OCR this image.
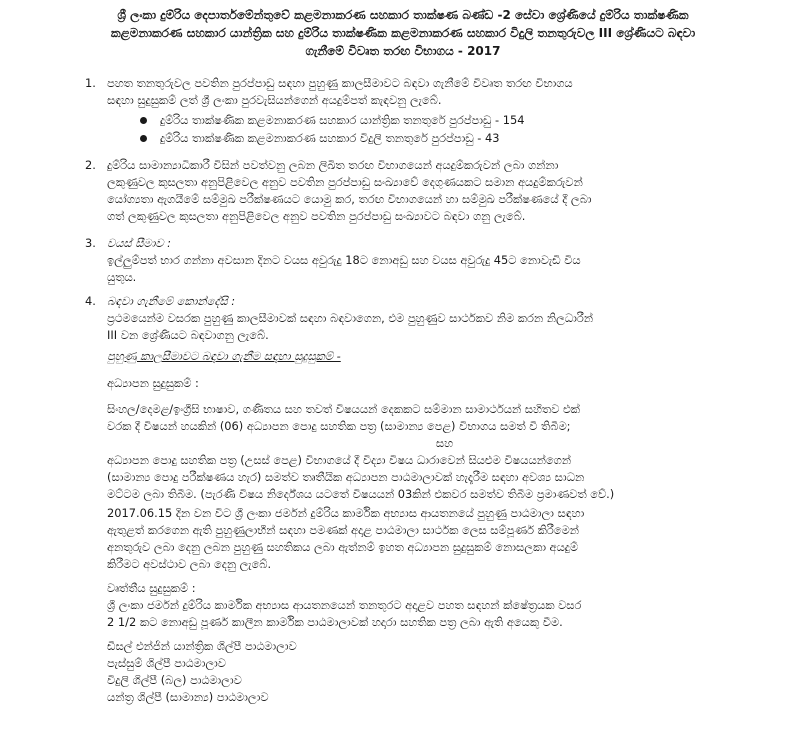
ශ්‍රී ලංකා දුම්රිය දෙපාර්තමේන්තුවේ කළමනාකරණ සහකාර තාක්ෂණ බණ්ඩ -2 සේවා ශ්‍රේණියේ දුම්රිය තාක්ෂණික
කළමනාකරණ සහකාර යාන්ත්‍රික සහ දුම්රිය තාක්ෂණික කළමනාකරණ සහකාර විදුලි තනතුරුවල III ශ්‍රේණියට බඳවා
ගැනීමේ විවෘත තරඟ විභාගය - 2017
1. පහත තනතුරුවල පවතින පුරප්පාඩු සඳහා පුහුණු කාලසීමාවට බඳවා ගැනීමේ විවෘත තරඟ විභාගය
සඳහා සුදුසුකම් ලත් ශ්‍රී ලංකා පුරවැසියන්ගෙන් අයදුම්පත් කැඳවනු ලැබේ.
දුම්රිය තාක්ෂණික කළමනාකරණ සහකාර යාන්ත්‍රික තනතුරේ පුරප්පාඩු - 154
දුම්රිය තාක්ෂණික කළමනාකරණ සහකාර විදුලි තනතුරේ පුරප්පාඩු - 43
2. දුම්රිය සාමාන්‍යාධිකාරී විසින් පවත්වනු ලබන ලිඛිත තරඟ විභාගයෙන් අයදුම්කරුවන් ලබා ගන්නා
ලකුණුවල කුසලතා අනුපිළිවෙල අනුව පවතින පුරප්පාඩු සංඛ්‍යාවේ දෙගුණයකට සමාන අයදුම්කරුවන්
යෝග්‍යතා ඇගයීමේ සම්මුඛ පරීක්ෂණයට යොමු කර, තරඟ විභාගයෙන් හා සම්මුඛ පරීක්ෂණයේ දී ලබා
ගත් ලකුණුවල කුසලතා අනුපිළිවෙල අනුව පවතින පුරප්පාඩු සංඛ්‍යාවට බඳවා ගනු ලැබේ.
3. වයස් සීමාව :
ඉල්ලුම්පත් භාර ගන්නා අවසාන දිනට වයස අවුරුදු 18ට නොඅඩු සහ වයස අවුරුදු 45ට නොවැඩි විය
යුතුය.
4. බඳවා ගැනීමේ කොන්දේසි :
ප්‍රථමයෙන්ම වසරක පුහුණු කාලසීමාවක් සඳහා බඳවාගෙන, එම පුහුණුව සාර්ථකව නිම කරන නිලධාරීන්
III වන ශ්‍රේණියට බඳවාගනු ලැබේ.
පුහුණු කාලසීමාවට බඳවා ගැනීම සඳහා සුදුසුකම් -
අධ්‍යාපන සුදුසුකම් :
සිංහල/දෙමළ/ඉංග්‍රීසි භාෂාව, ගණිතය සහ තවත් විෂයයන් දෙකකට සම්මාන සාමාර්ථයන් සහිතව එක්
වරක දී විෂයන් හයකින් (06) අධ්‍යාපන පොදු සහතික පත්‍ර (සාමාන්‍ය පෙළ) විභාගය සමත් වී තිබීම;
සහ
අධ්‍යාපන පොදු සහතික පත්‍ර (උසස් පෙළ) විභාගයේ දී විද්‍යා විෂය ධාරාවෙන් සියළුම විෂයයන්ගෙන්
(සාමාන්‍ය පොදු පරීක්ෂණය හැර) සමත්ව තෘතීයික අධ්‍යාපන පාඨමාලාවක් හැදෑරීම සඳහා අවශ්‍ය සාධන
මට්ටම ලබා තිබීම. (පැරණි විෂය නිර්දේශය යටතේ විෂයයන් 03කින් එකවර සමත්ව තිබීම ප්‍රමාණවත් වේ.)
2017.06.15 දින වන විට ශ්‍රී ලංකා ජර්මන් දුම්රිය කාර්මික අභ්‍යාස ආයතනයේ පුහුණු පාඨමාලා සඳහා
ඇතුළත් කරගෙන ඇති පුහුණුලාභීන් සඳහා පමණක් අදාළ පාඨමාලා සාර්ථක ලෙස සම්පූර්ණ කිරීමෙන්
අනතුරුව ලබා දෙනු ලබන පුහුණු සහතිකය ලබා ඇත්නම් ඉහත අධ්‍යාපන සුදුසුකම් නොසලකා අයදුම්
කිරීමට අවස්ථාව ලබා දෙනු ලැබේ.
වෘත්තීය සුදුසුකම් :
ශ්‍රී ලංකා ජර්මන් දුම්රිය කාර්මික අභ්‍යාස ආයතනයෙන් තනතුරට අදාළව පහත සඳහන් ක්ෂේත්‍රයක වසර
2 1/2 කට නොඅඩු පූර්ණ කාලීන කාර්මික පාඨමාලාවක් හදාරා සහතික පත්‍ර ලබා ඇති අයෙකු වීම.
ඩීසල් එන්ජින් යාන්ත්‍රික ශිල්පී පාඨමාලාව
පැස්සුම් ශිල්පී පාඨමාලාව
විදුලි ශිල්පී (බල) පාඨමාලාව
යන්ත්‍ර ශිල්පී (සාමාන්‍ය) පාඨමාලාව
